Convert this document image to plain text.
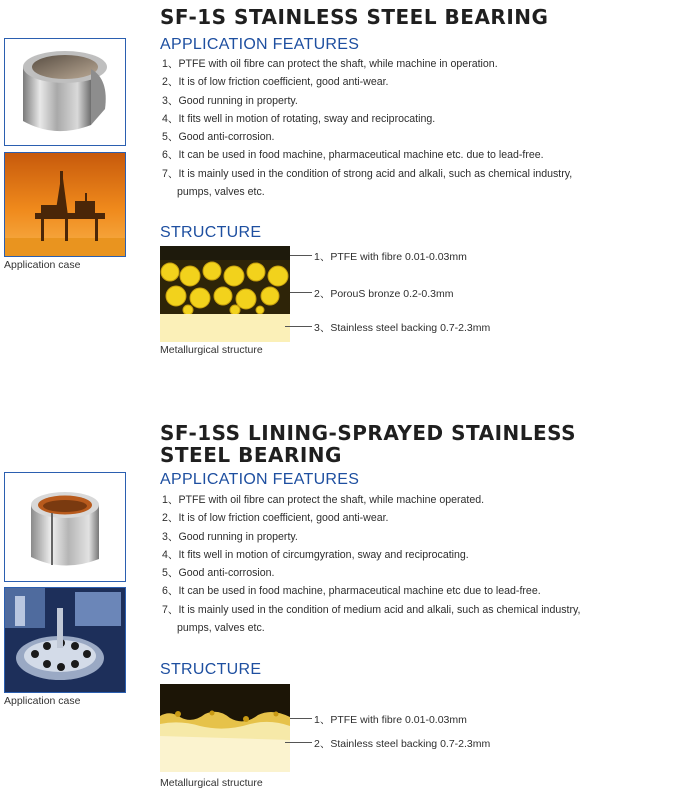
SF-1S STAINLESS STEEL BEARING
Application case
APPLICATION FEATURES
1、PTFE with oil fibre can protect the shaft, while machine in operation.
2、It is of low friction coefficient, good anti-wear.
3、Good running in property.
4、It fits well in motion of rotating, sway and reciprocating.
5、Good anti-corrosion.
6、It can be used in food machine, pharmaceutical machine etc. due to lead-free.
7、It is mainly used in the condition of strong acid and alkali, such as chemical industry,
pumps, valves etc.
STRUCTURE
1、PTFE with fibre 0.01-0.03mm
2、PorouS bronze 0.2-0.3mm
3、Stainless steel backing 0.7-2.3mm
Metallurgical structure
SF-1SS LINING-SPRAYED STAINLESS
STEEL BEARING
Application case
APPLICATION FEATURES
1、PTFE with oil fibre can protect the shaft, while machine operated.
2、It is of low friction coefficient, good anti-wear.
3、Good running in property.
4、It fits well in motion of circumgyration, sway and reciprocating.
5、Good anti-corrosion.
6、It can be used in food machine, pharmaceutical machine etc due to lead-free.
7、It is mainly used in the condition of medium acid and alkali, such as chemical industry,
pumps, valves etc.
STRUCTURE
1、PTFE with fibre 0.01-0.03mm
2、Stainless steel backing 0.7-2.3mm
Metallurgical structure
